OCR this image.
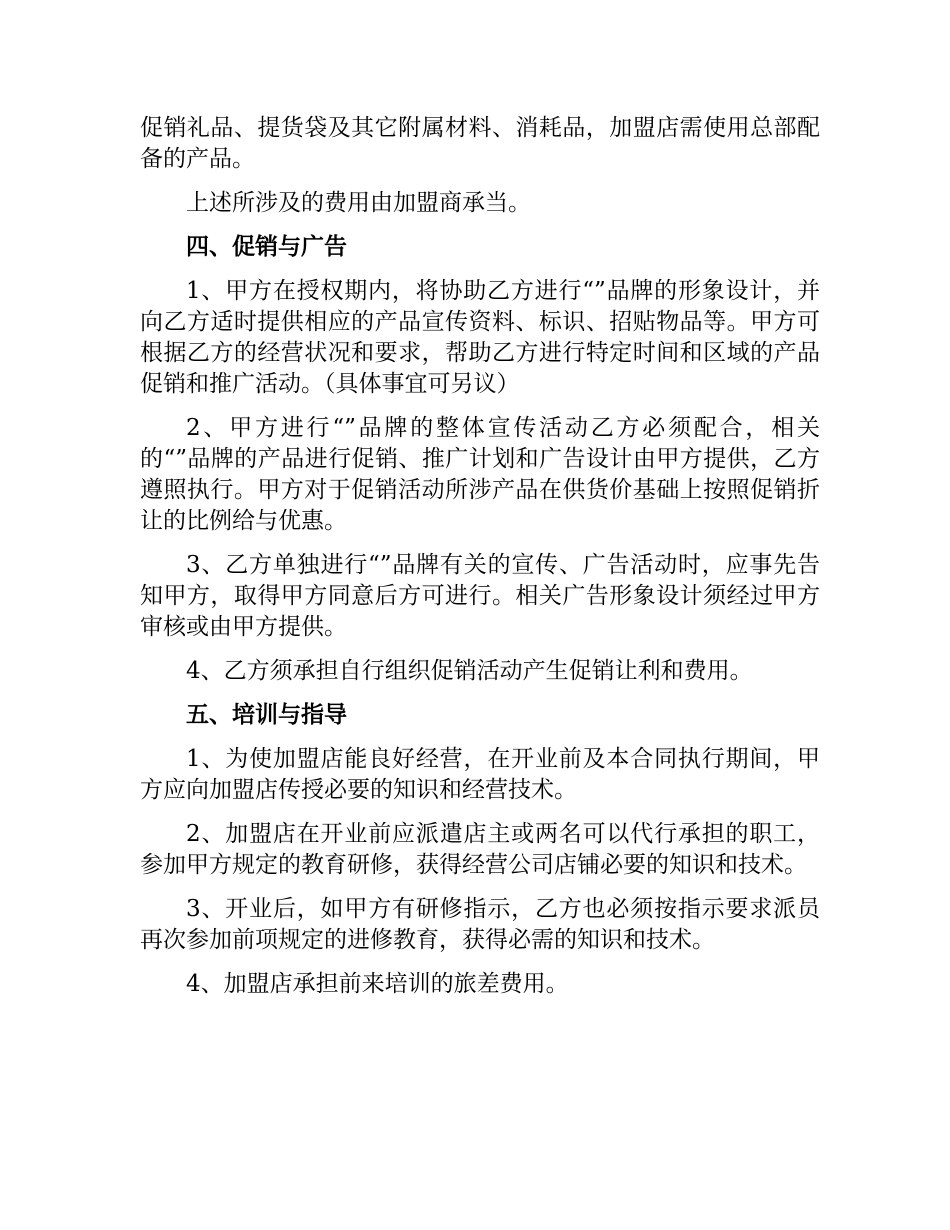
促销礼品、提货袋及其它附属材料、消耗品，加盟店需使用总部配备的产品。

上述所涉及的费用由加盟商承当。

四、促销与广告

1、甲方在授权期内，将协助乙方进行“”品牌的形象设计，并向乙方适时提供相应的产品宣传资料、标识、招贴物品等。甲方可根据乙方的经营状况和要求，帮助乙方进行特定时间和区域的产品促销和推广活动。（具体事宜可另议）

2、甲方进行“”品牌的整体宣传活动乙方必须配合，相关的“”品牌的产品进行促销、推广计划和广告设计由甲方提供，乙方遵照执行。甲方对于促销活动所涉产品在供货价基础上按照促销折让的比例给与优惠。

3、乙方单独进行“”品牌有关的宣传、广告活动时，应事先告知甲方，取得甲方同意后方可进行。相关广告形象设计须经过甲方审核或由甲方提供。

4、乙方须承担自行组织促销活动产生促销让利和费用。

五、培训与指导

1、为使加盟店能良好经营，在开业前及本合同执行期间，甲方应向加盟店传授必要的知识和经营技术。

2、加盟店在开业前应派遣店主或两名可以代行承担的职工，参加甲方规定的教育研修，获得经营公司店铺必要的知识和技术。

3、开业后，如甲方有研修指示，乙方也必须按指示要求派员再次参加前项规定的进修教育，获得必需的知识和技术。

4、加盟店承担前来培训的旅差费用。
